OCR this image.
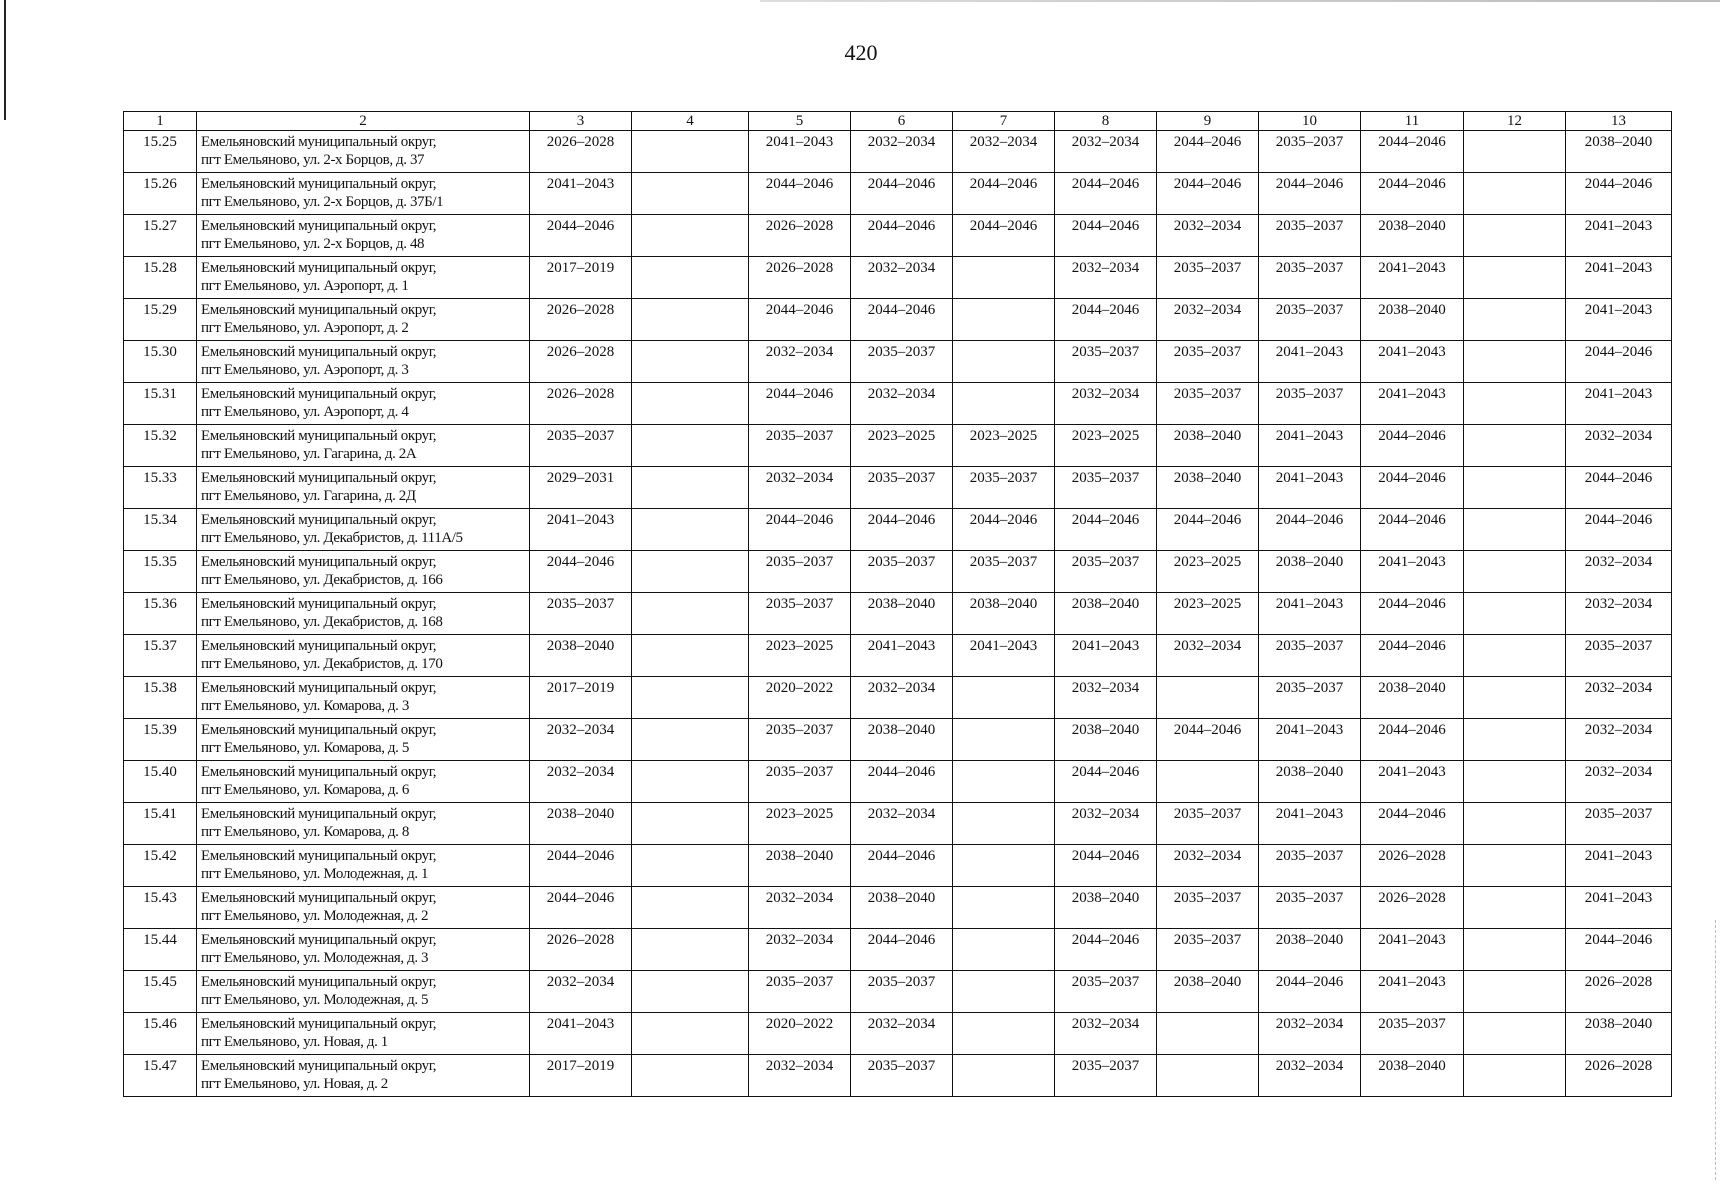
420
1	2	3	4	5	6	7	8	9	10	11	12	13
15.25	Емельяновский муниципальный округ,
пгт Емельяново, ул. 2-х Борцов, д. 37	2026–2028		2041–2043	2032–2034	2032–2034	2032–2034	2044–2046	2035–2037	2044–2046		2038–2040
15.26	Емельяновский муниципальный округ,
пгт Емельяново, ул. 2-х Борцов, д. 37Б/1	2041–2043		2044–2046	2044–2046	2044–2046	2044–2046	2044–2046	2044–2046	2044–2046		2044–2046
15.27	Емельяновский муниципальный округ,
пгт Емельяново, ул. 2-х Борцов, д. 48	2044–2046		2026–2028	2044–2046	2044–2046	2044–2046	2032–2034	2035–2037	2038–2040		2041–2043
15.28	Емельяновский муниципальный округ,
пгт Емельяново, ул. Аэропорт, д. 1	2017–2019		2026–2028	2032–2034		2032–2034	2035–2037	2035–2037	2041–2043		2041–2043
15.29	Емельяновский муниципальный округ,
пгт Емельяново, ул. Аэропорт, д. 2	2026–2028		2044–2046	2044–2046		2044–2046	2032–2034	2035–2037	2038–2040		2041–2043
15.30	Емельяновский муниципальный округ,
пгт Емельяново, ул. Аэропорт, д. 3	2026–2028		2032–2034	2035–2037		2035–2037	2035–2037	2041–2043	2041–2043		2044–2046
15.31	Емельяновский муниципальный округ,
пгт Емельяново, ул. Аэропорт, д. 4	2026–2028		2044–2046	2032–2034		2032–2034	2035–2037	2035–2037	2041–2043		2041–2043
15.32	Емельяновский муниципальный округ,
пгт Емельяново, ул. Гагарина, д. 2А	2035–2037		2035–2037	2023–2025	2023–2025	2023–2025	2038–2040	2041–2043	2044–2046		2032–2034
15.33	Емельяновский муниципальный округ,
пгт Емельяново, ул. Гагарина, д. 2Д	2029–2031		2032–2034	2035–2037	2035–2037	2035–2037	2038–2040	2041–2043	2044–2046		2044–2046
15.34	Емельяновский муниципальный округ,
пгт Емельяново, ул. Декабристов, д. 111А/5	2041–2043		2044–2046	2044–2046	2044–2046	2044–2046	2044–2046	2044–2046	2044–2046		2044–2046
15.35	Емельяновский муниципальный округ,
пгт Емельяново, ул. Декабристов, д. 166	2044–2046		2035–2037	2035–2037	2035–2037	2035–2037	2023–2025	2038–2040	2041–2043		2032–2034
15.36	Емельяновский муниципальный округ,
пгт Емельяново, ул. Декабристов, д. 168	2035–2037		2035–2037	2038–2040	2038–2040	2038–2040	2023–2025	2041–2043	2044–2046		2032–2034
15.37	Емельяновский муниципальный округ,
пгт Емельяново, ул. Декабристов, д. 170	2038–2040		2023–2025	2041–2043	2041–2043	2041–2043	2032–2034	2035–2037	2044–2046		2035–2037
15.38	Емельяновский муниципальный округ,
пгт Емельяново, ул. Комарова, д. 3	2017–2019		2020–2022	2032–2034		2032–2034		2035–2037	2038–2040		2032–2034
15.39	Емельяновский муниципальный округ,
пгт Емельяново, ул. Комарова, д. 5	2032–2034		2035–2037	2038–2040		2038–2040	2044–2046	2041–2043	2044–2046		2032–2034
15.40	Емельяновский муниципальный округ,
пгт Емельяново, ул. Комарова, д. 6	2032–2034		2035–2037	2044–2046		2044–2046		2038–2040	2041–2043		2032–2034
15.41	Емельяновский муниципальный округ,
пгт Емельяново, ул. Комарова, д. 8	2038–2040		2023–2025	2032–2034		2032–2034	2035–2037	2041–2043	2044–2046		2035–2037
15.42	Емельяновский муниципальный округ,
пгт Емельяново, ул. Молодежная, д. 1	2044–2046		2038–2040	2044–2046		2044–2046	2032–2034	2035–2037	2026–2028		2041–2043
15.43	Емельяновский муниципальный округ,
пгт Емельяново, ул. Молодежная, д. 2	2044–2046		2032–2034	2038–2040		2038–2040	2035–2037	2035–2037	2026–2028		2041–2043
15.44	Емельяновский муниципальный округ,
пгт Емельяново, ул. Молодежная, д. 3	2026–2028		2032–2034	2044–2046		2044–2046	2035–2037	2038–2040	2041–2043		2044–2046
15.45	Емельяновский муниципальный округ,
пгт Емельяново, ул. Молодежная, д. 5	2032–2034		2035–2037	2035–2037		2035–2037	2038–2040	2044–2046	2041–2043		2026–2028
15.46	Емельяновский муниципальный округ,
пгт Емельяново, ул. Новая, д. 1	2041–2043		2020–2022	2032–2034		2032–2034		2032–2034	2035–2037		2038–2040
15.47	Емельяновский муниципальный округ,
пгт Емельяново, ул. Новая, д. 2	2017–2019		2032–2034	2035–2037		2035–2037		2032–2034	2038–2040		2026–2028
